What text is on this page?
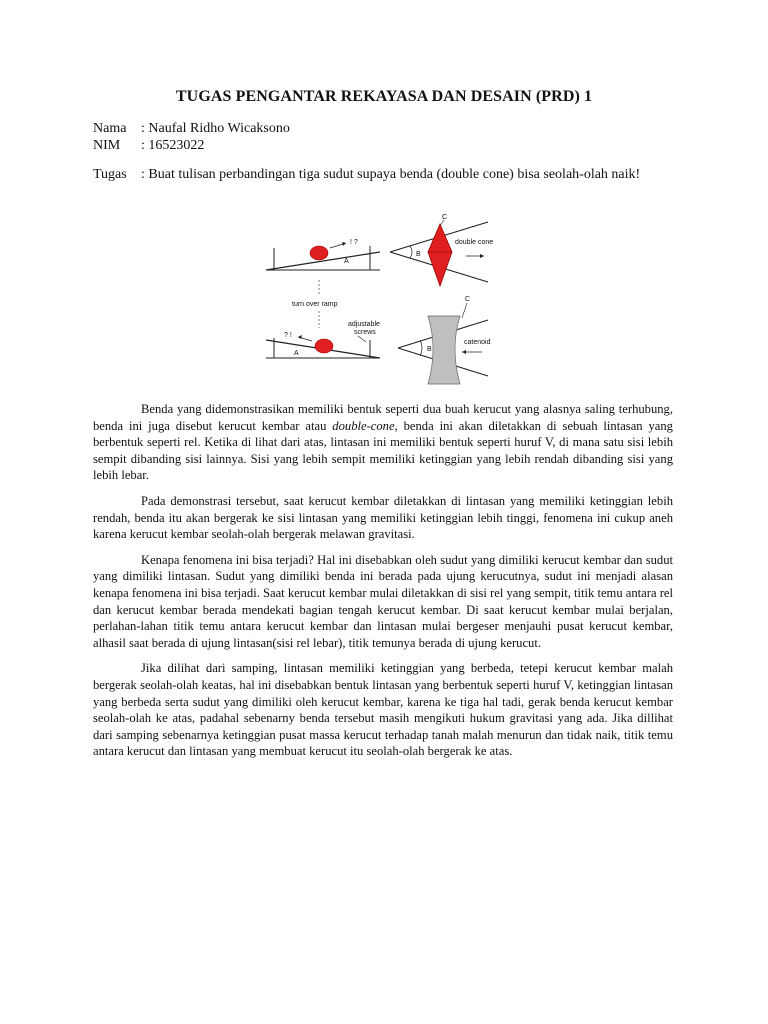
TUGAS PENGANTAR REKAYASA DAN DESAIN (PRD) 1
Nama : Naufal Ridho Wicaksono
NIM : 16523022
Tugas	: Buat tulisan perbandingan tiga sudut supaya benda (double cone) bisa seolah-olah naik!
! ?
A
turn over ramp
? !
A
adjustable screws
B
C
double cone
B
C
catenoid

Benda yang didemonstrasikan memiliki bentuk seperti dua buah kerucut yang alasnya saling terhubung, benda ini juga disebut kerucut kembar atau double-cone, benda ini akan diletakkan di sebuah lintasan yang berbentuk seperti rel. Ketika di lihat dari atas, lintasan ini memiliki bentuk seperti huruf V, di mana satu sisi lebih sempit dibanding sisi lainnya. Sisi yang lebih sempit memiliki ketinggian yang lebih rendah dibanding sisi yang lebih lebar.

Pada demonstrasi tersebut, saat kerucut kembar diletakkan di lintasan yang memiliki ketinggian lebih rendah, benda itu akan bergerak ke sisi lintasan yang memiliki ketinggian lebih tinggi, fenomena ini cukup aneh karena kerucut kembar seolah-olah bergerak melawan gravitasi.

Kenapa fenomena ini bisa terjadi? Hal ini disebabkan oleh sudut yang dimiliki kerucut kembar dan sudut yang dimiliki lintasan. Sudut yang dimiliki benda ini berada pada ujung kerucutnya, sudut ini menjadi alasan kenapa fenomena ini bisa terjadi. Saat kerucut kembar mulai diletakkan di sisi rel yang sempit, titik temu antara rel dan kerucut kembar berada mendekati bagian tengah kerucut kembar. Di saat kerucut kembar mulai berjalan, perlahan-lahan titik temu antara kerucut kembar dan lintasan mulai bergeser menjauhi pusat kerucut kembar, alhasil saat berada di ujung lintasan(sisi rel lebar), titik temunya berada di ujung kerucut.

Jika dilihat dari samping, lintasan memiliki ketinggian yang berbeda, tetepi kerucut kembar malah bergerak seolah-olah keatas, hal ini disebabkan bentuk lintasan yang berbentuk seperti huruf V, ketinggian lintasan yang berbeda serta sudut yang dimiliki oleh kerucut kembar, karena ke tiga hal tadi, gerak benda kerucut kembar seolah-olah ke atas, padahal sebenarny benda tersebut masih mengikuti hukum gravitasi yang ada. Jika dillihat dari samping sebenarnya ketinggian pusat massa kerucut terhadap tanah malah menurun dan tidak naik, titik temu antara kerucut dan lintasan yang membuat kerucut itu seolah-olah bergerak ke atas.
